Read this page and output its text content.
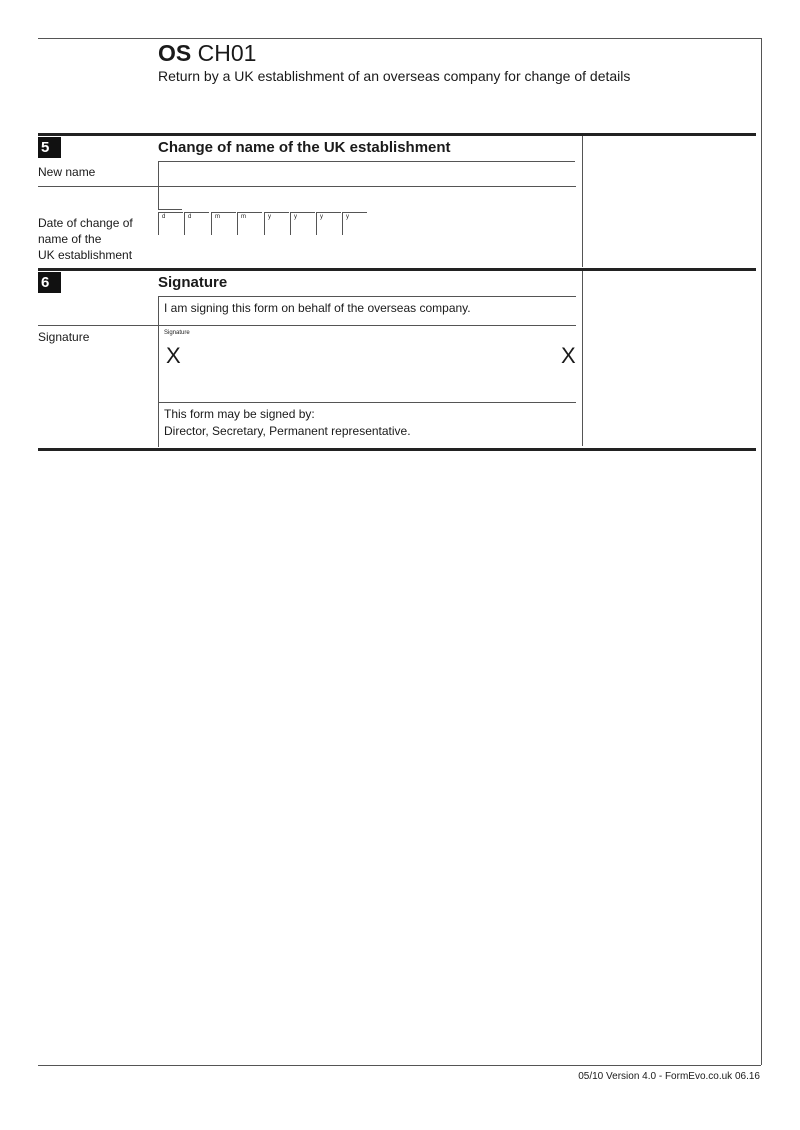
OS CH01
Return by a UK establishment of an overseas company for change of details
5	Change of name of the UK establishment
New name
Date of change of
name of the
UK establishment
d	d	m	m	y	y	y	y
6	Signature
I am signing this form on behalf of the overseas company.
Signature	Signature
X	X
This form may be signed by:
Director, Secretary, Permanent representative.
05/10 Version 4.0 - FormEvo.co.uk 06.16
